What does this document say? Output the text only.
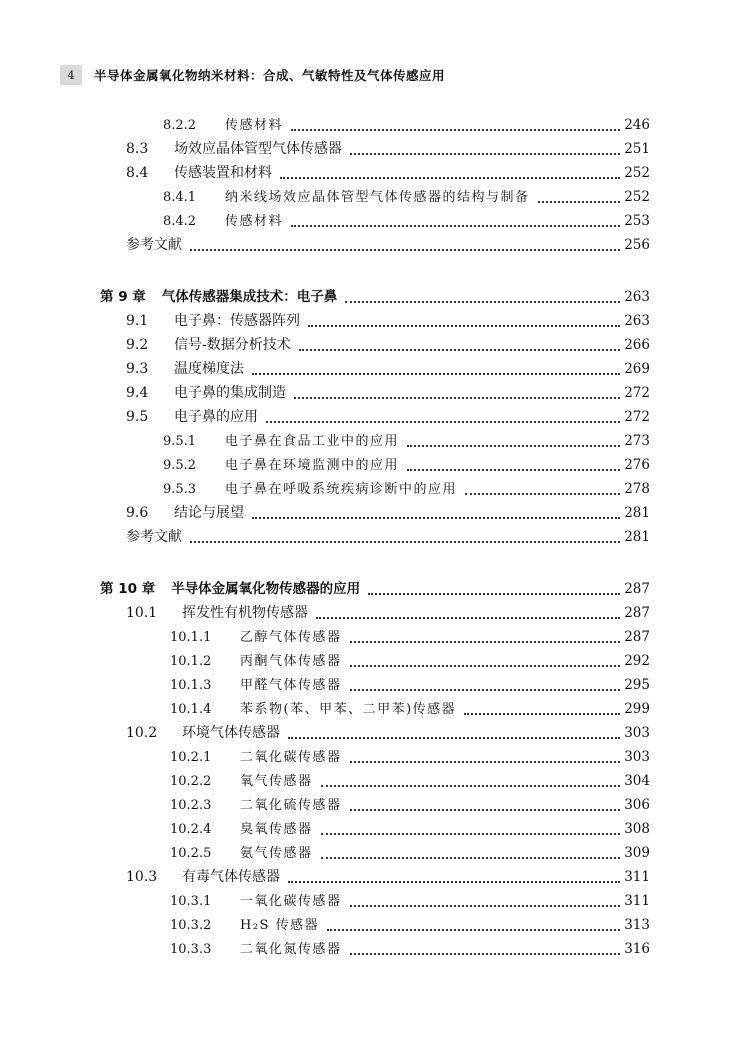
4	半导体金属氧化物纳米材料：合成、气敏特性及气体传感应用
8.2.2	传感材料	246
8.3	场效应晶体管型气体传感器	251
8.4	传感装置和材料	252
8.4.1	纳米线场效应晶体管型气体传感器的结构与制备	252
8.4.2	传感材料	253
参考文献	256
第 9 章 气体传感器集成技术：电子鼻	263
9.1	电子鼻：传感器阵列	263
9.2	信号-数据分析技术	266
9.3	温度梯度法	269
9.4	电子鼻的集成制造	272
9.5	电子鼻的应用	272
9.5.1	电子鼻在食品工业中的应用	273
9.5.2	电子鼻在环境监测中的应用	276
9.5.3	电子鼻在呼吸系统疾病诊断中的应用	278
9.6	结论与展望	281
参考文献	281
第 10 章 半导体金属氧化物传感器的应用	287
10.1	挥发性有机物传感器	287
10.1.1	乙醇气体传感器	287
10.1.2	丙酮气体传感器	292
10.1.3	甲醛气体传感器	295
10.1.4	苯系物(苯、甲苯、二甲苯)传感器	299
10.2	环境气体传感器	303
10.2.1	二氧化碳传感器	303
10.2.2	氧气传感器	304
10.2.3	二氧化硫传感器	306
10.2.4	臭氧传感器	308
10.2.5	氨气传感器	309
10.3	有毒气体传感器	311
10.3.1	一氧化碳传感器	311
10.3.2	H₂S 传感器	313
10.3.3	二氧化氮传感器	316
